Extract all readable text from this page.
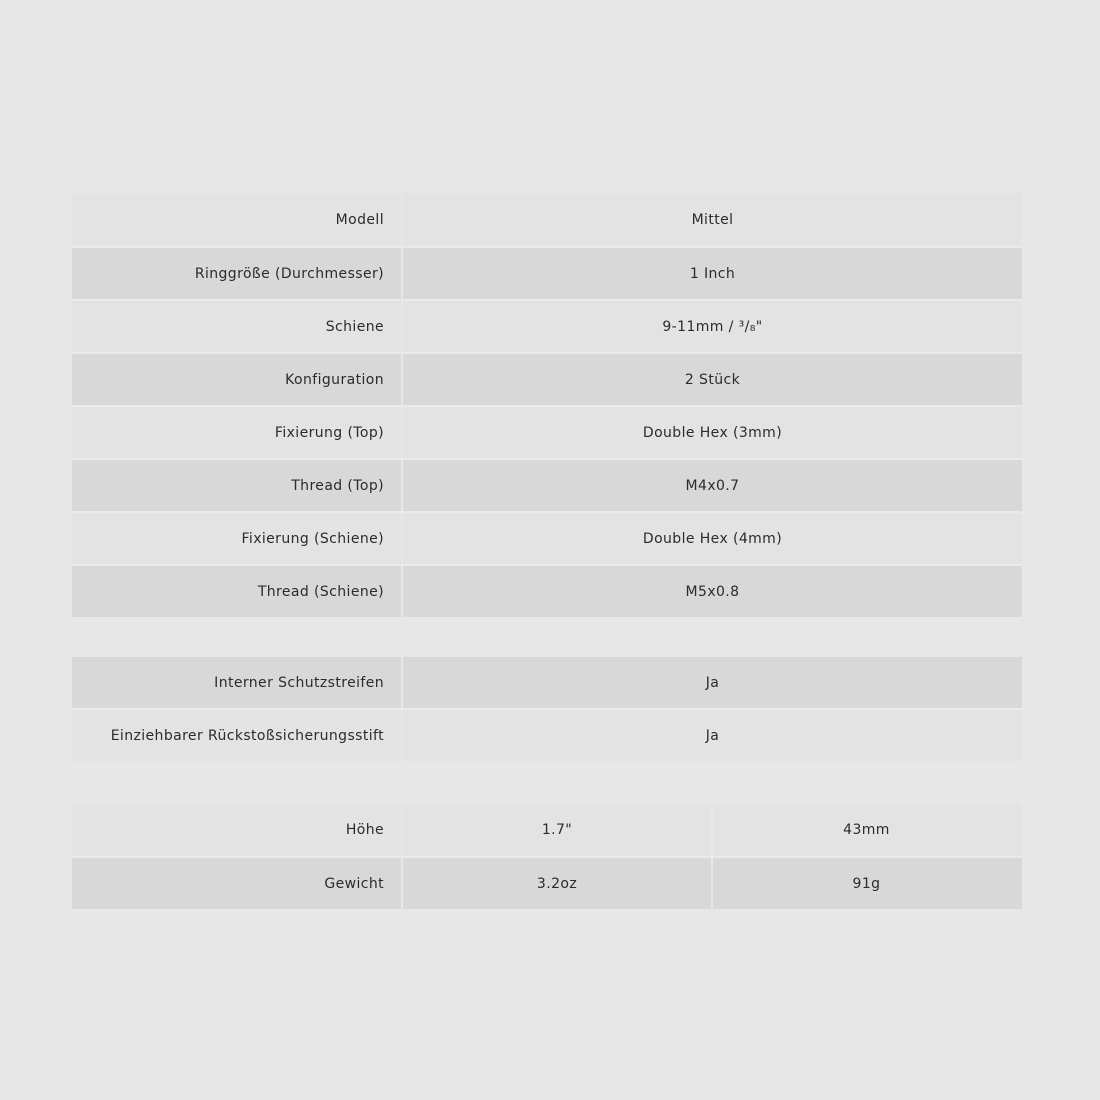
Modell	Mittel
Ringgröße (Durchmesser)	1 Inch
Schiene	9-11mm / ³/₈"
Konfiguration	2 Stück
Fixierung (Top)	Double Hex (3mm)
Thread (Top)	M4x0.7
Fixierung (Schiene)	Double Hex (4mm)
Thread (Schiene)	M5x0.8
Interner Schutzstreifen	Ja
Einziehbarer Rückstoßsicherungsstift	Ja
Höhe	1.7"	43mm
Gewicht	3.2oz	91g
